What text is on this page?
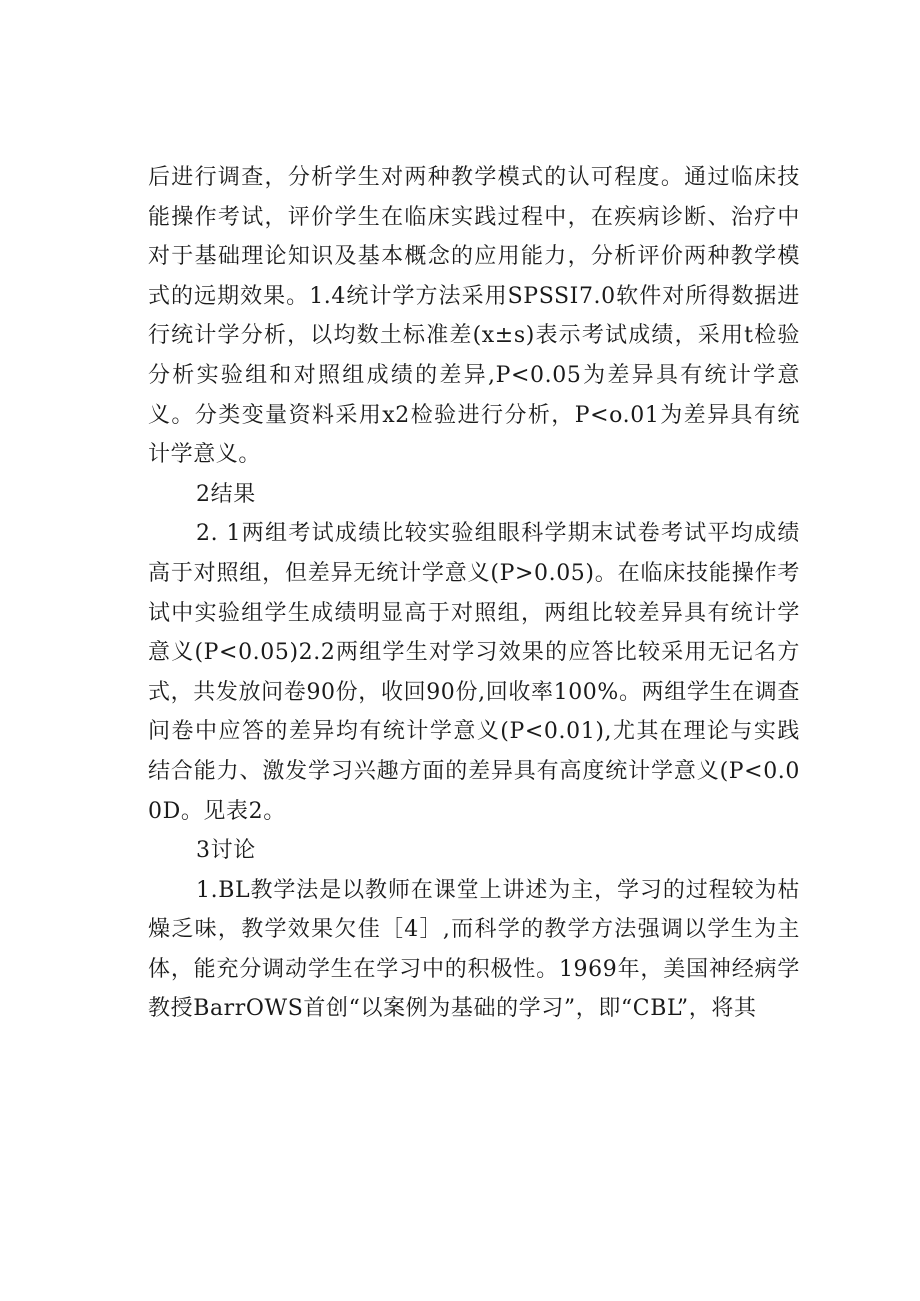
后进行调查，分析学生对两种教学模式的认可程度。通过临床技能操作考试，评价学生在临床实践过程中，在疾病诊断、治疗中对于基础理论知识及基本概念的应用能力，分析评价两种教学模式的远期效果。1.4统计学方法采用SPSSI7.0软件对所得数据进行统计学分析，以均数土标准差(x±s)表示考试成绩，采用t检验分析实验组和对照组成绩的差异,P<0.05为差异具有统计学意义。分类变量资料采用x2检验进行分析，P<o.01为差异具有统计学意义。

2结果

2. 1两组考试成绩比较实验组眼科学期末试卷考试平均成绩高于对照组，但差异无统计学意义(P>0.05)。在临床技能操作考试中实验组学生成绩明显高于对照组，两组比较差异具有统计学意义(P<0.05)2.2两组学生对学习效果的应答比较采用无记名方式，共发放问卷90份，收回90份,回收率100%。两组学生在调查问卷中应答的差异均有统计学意义(P<0.01),尤其在理论与实践结合能力、激发学习兴趣方面的差异具有高度统计学意义(P<0.00D。见表2。

3讨论

1.BL教学法是以教师在课堂上讲述为主，学习的过程较为枯燥乏味，教学效果欠佳［4］,而科学的教学方法强调以学生为主体，能充分调动学生在学习中的积极性。1969年，美国神经病学教授BarrOWS首创“以案例为基础的学习”，即“CBL”，将其
